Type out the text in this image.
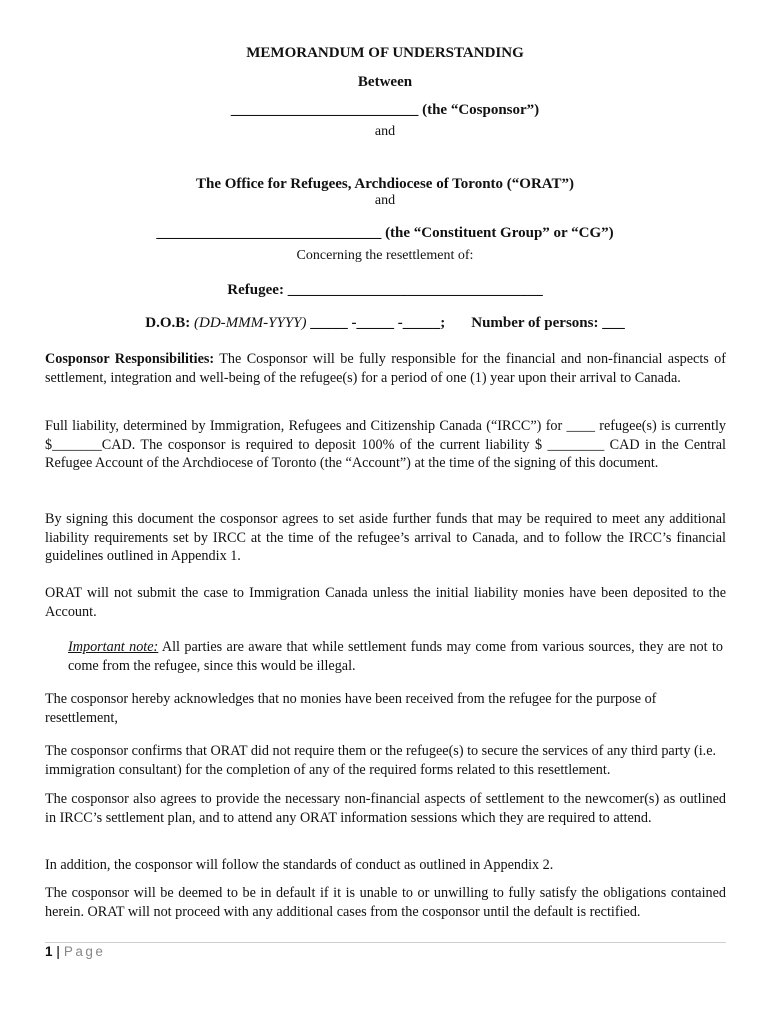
MEMORANDUM OF UNDERSTANDING
Between
_________________________ (the “Cosponsor”)
and
The Office for Refugees, Archdiocese of Toronto (“ORAT”)
and
______________________________ (the “Constituent Group” or “CG”)
Concerning the resettlement of:
Refugee: __________________________________
D.O.B: (DD-MMM-YYYY) _____ -_____ -_____; Number of persons: ___
Cosponsor Responsibilities: The Cosponsor will be fully responsible for the financial and non-financial aspects of settlement, integration and well-being of the refugee(s) for a period of one (1) year upon their arrival to Canada.
Full liability, determined by Immigration, Refugees and Citizenship Canada (“IRCC”) for ____ refugee(s) is currently $_______CAD. The cosponsor is required to deposit 100% of the current liability $ ________ CAD in the Central Refugee Account of the Archdiocese of Toronto (the “Account”) at the time of the signing of this document.
By signing this document the cosponsor agrees to set aside further funds that may be required to meet any additional liability requirements set by IRCC at the time of the refugee’s arrival to Canada, and to follow the IRCC’s financial guidelines outlined in Appendix 1.
ORAT will not submit the case to Immigration Canada unless the initial liability monies have been deposited to the Account.
Important note: All parties are aware that while settlement funds may come from various sources, they are not to come from the refugee, since this would be illegal.
The cosponsor hereby acknowledges that no monies have been received from the refugee for the purpose of resettlement,
The cosponsor confirms that ORAT did not require them or the refugee(s) to secure the services of any third party (i.e. immigration consultant) for the completion of any of the required forms related to this resettlement.
The cosponsor also agrees to provide the necessary non-financial aspects of settlement to the newcomer(s) as outlined in IRCC’s settlement plan, and to attend any ORAT information sessions which they are required to attend.
In addition, the cosponsor will follow the standards of conduct as outlined in Appendix 2.
The cosponsor will be deemed to be in default if it is unable to or unwilling to fully satisfy the obligations contained herein. ORAT will not proceed with any additional cases from the cosponsor until the default is rectified.
1 | Page
